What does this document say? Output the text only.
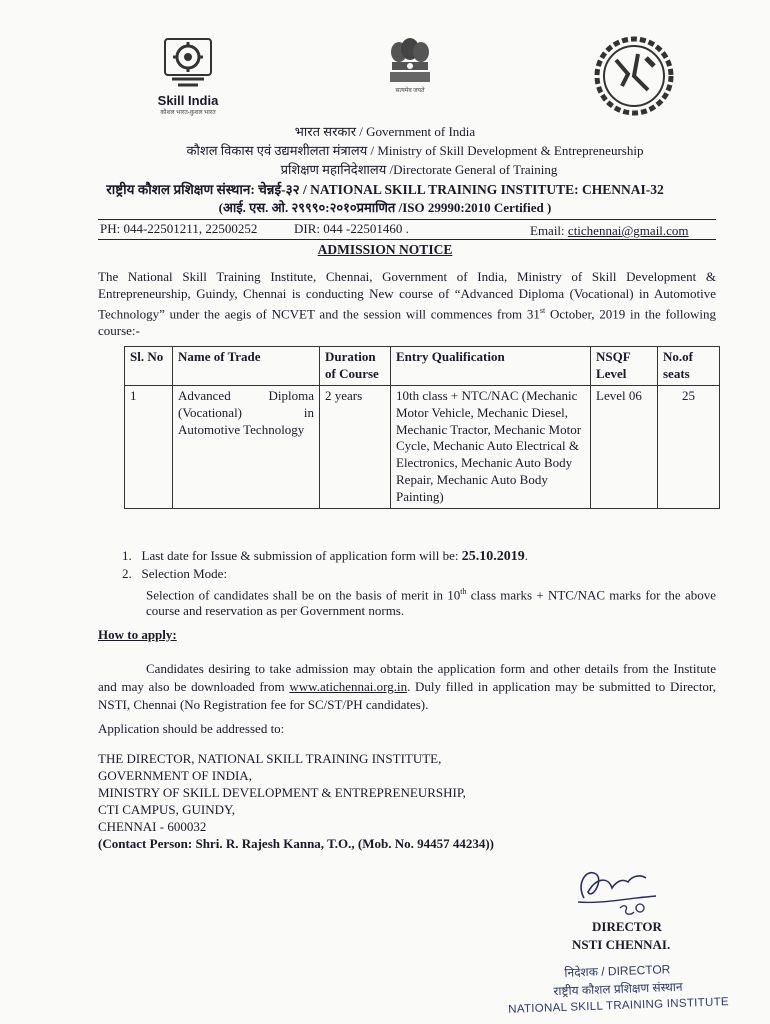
Skill India
कौशल भारत-कुशल भारत
सत्यमेव जयते
भारत सरकार / Government of India
कौशल विकास एवं उद्यमशीलता मंत्रालय / Ministry of Skill Development & Entrepreneurship
प्रशिक्षण महानिदेशालय /Directorate General of Training
राष्ट्रीय कौशल प्रशिक्षण संस्थान: चेन्नई-३२ / NATIONAL SKILL TRAINING INSTITUTE: CHENNAI-32
(आई. एस. ओ. २९९९०:२०१०प्रमाणित /ISO 29990:2010 Certified )
PH: 044-22501211, 22500252	DIR: 044 -22501460 .	Email: ctichennai@gmail.com
ADMISSION NOTICE
The National Skill Training Institute, Chennai, Government of India, Ministry of Skill Development & Entrepreneurship, Guindy, Chennai is conducting New course of “Advanced Diploma (Vocational) in Automotive Technology” under the aegis of NCVET and the session will commences from 31st October, 2019 in the following course:-
Sl. No	Name of Trade	Duration of Course	Entry Qualification	NSQF Level	No.of seats
1	Advanced Diploma (Vocational) in Automotive Technology	2 years	10th class + NTC/NAC (Mechanic Motor Vehicle, Mechanic Diesel, Mechanic Tractor, Mechanic Motor Cycle, Mechanic Auto Electrical & Electronics, Mechanic Auto Body Repair, Mechanic Auto Body Painting)	Level 06	25
1. Last date for Issue & submission of application form will be: 25.10.2019.
2. Selection Mode:
Selection of candidates shall be on the basis of merit in 10th class marks + NTC/NAC marks for the above course and reservation as per Government norms.
How to apply:
Candidates desiring to take admission may obtain the application form and other details from the Institute and may also be downloaded from www.atichennai.org.in. Duly filled in application may be submitted to Director, NSTI, Chennai (No Registration fee for SC/ST/PH candidates).
Application should be addressed to:
THE DIRECTOR, NATIONAL SKILL TRAINING INSTITUTE,
GOVERNMENT OF INDIA,
MINISTRY OF SKILL DEVELOPMENT & ENTREPRENEURSHIP,
CTI CAMPUS, GUINDY,
CHENNAI - 600032
(Contact Person: Shri. R. Rajesh Kanna, T.O., (Mob. No. 94457 44234))
DIRECTOR
NSTI CHENNAI.
निदेशक / DIRECTOR
राष्ट्रीय कौशल प्रशिक्षण संस्थान
NATIONAL SKILL TRAINING INSTITUTE
